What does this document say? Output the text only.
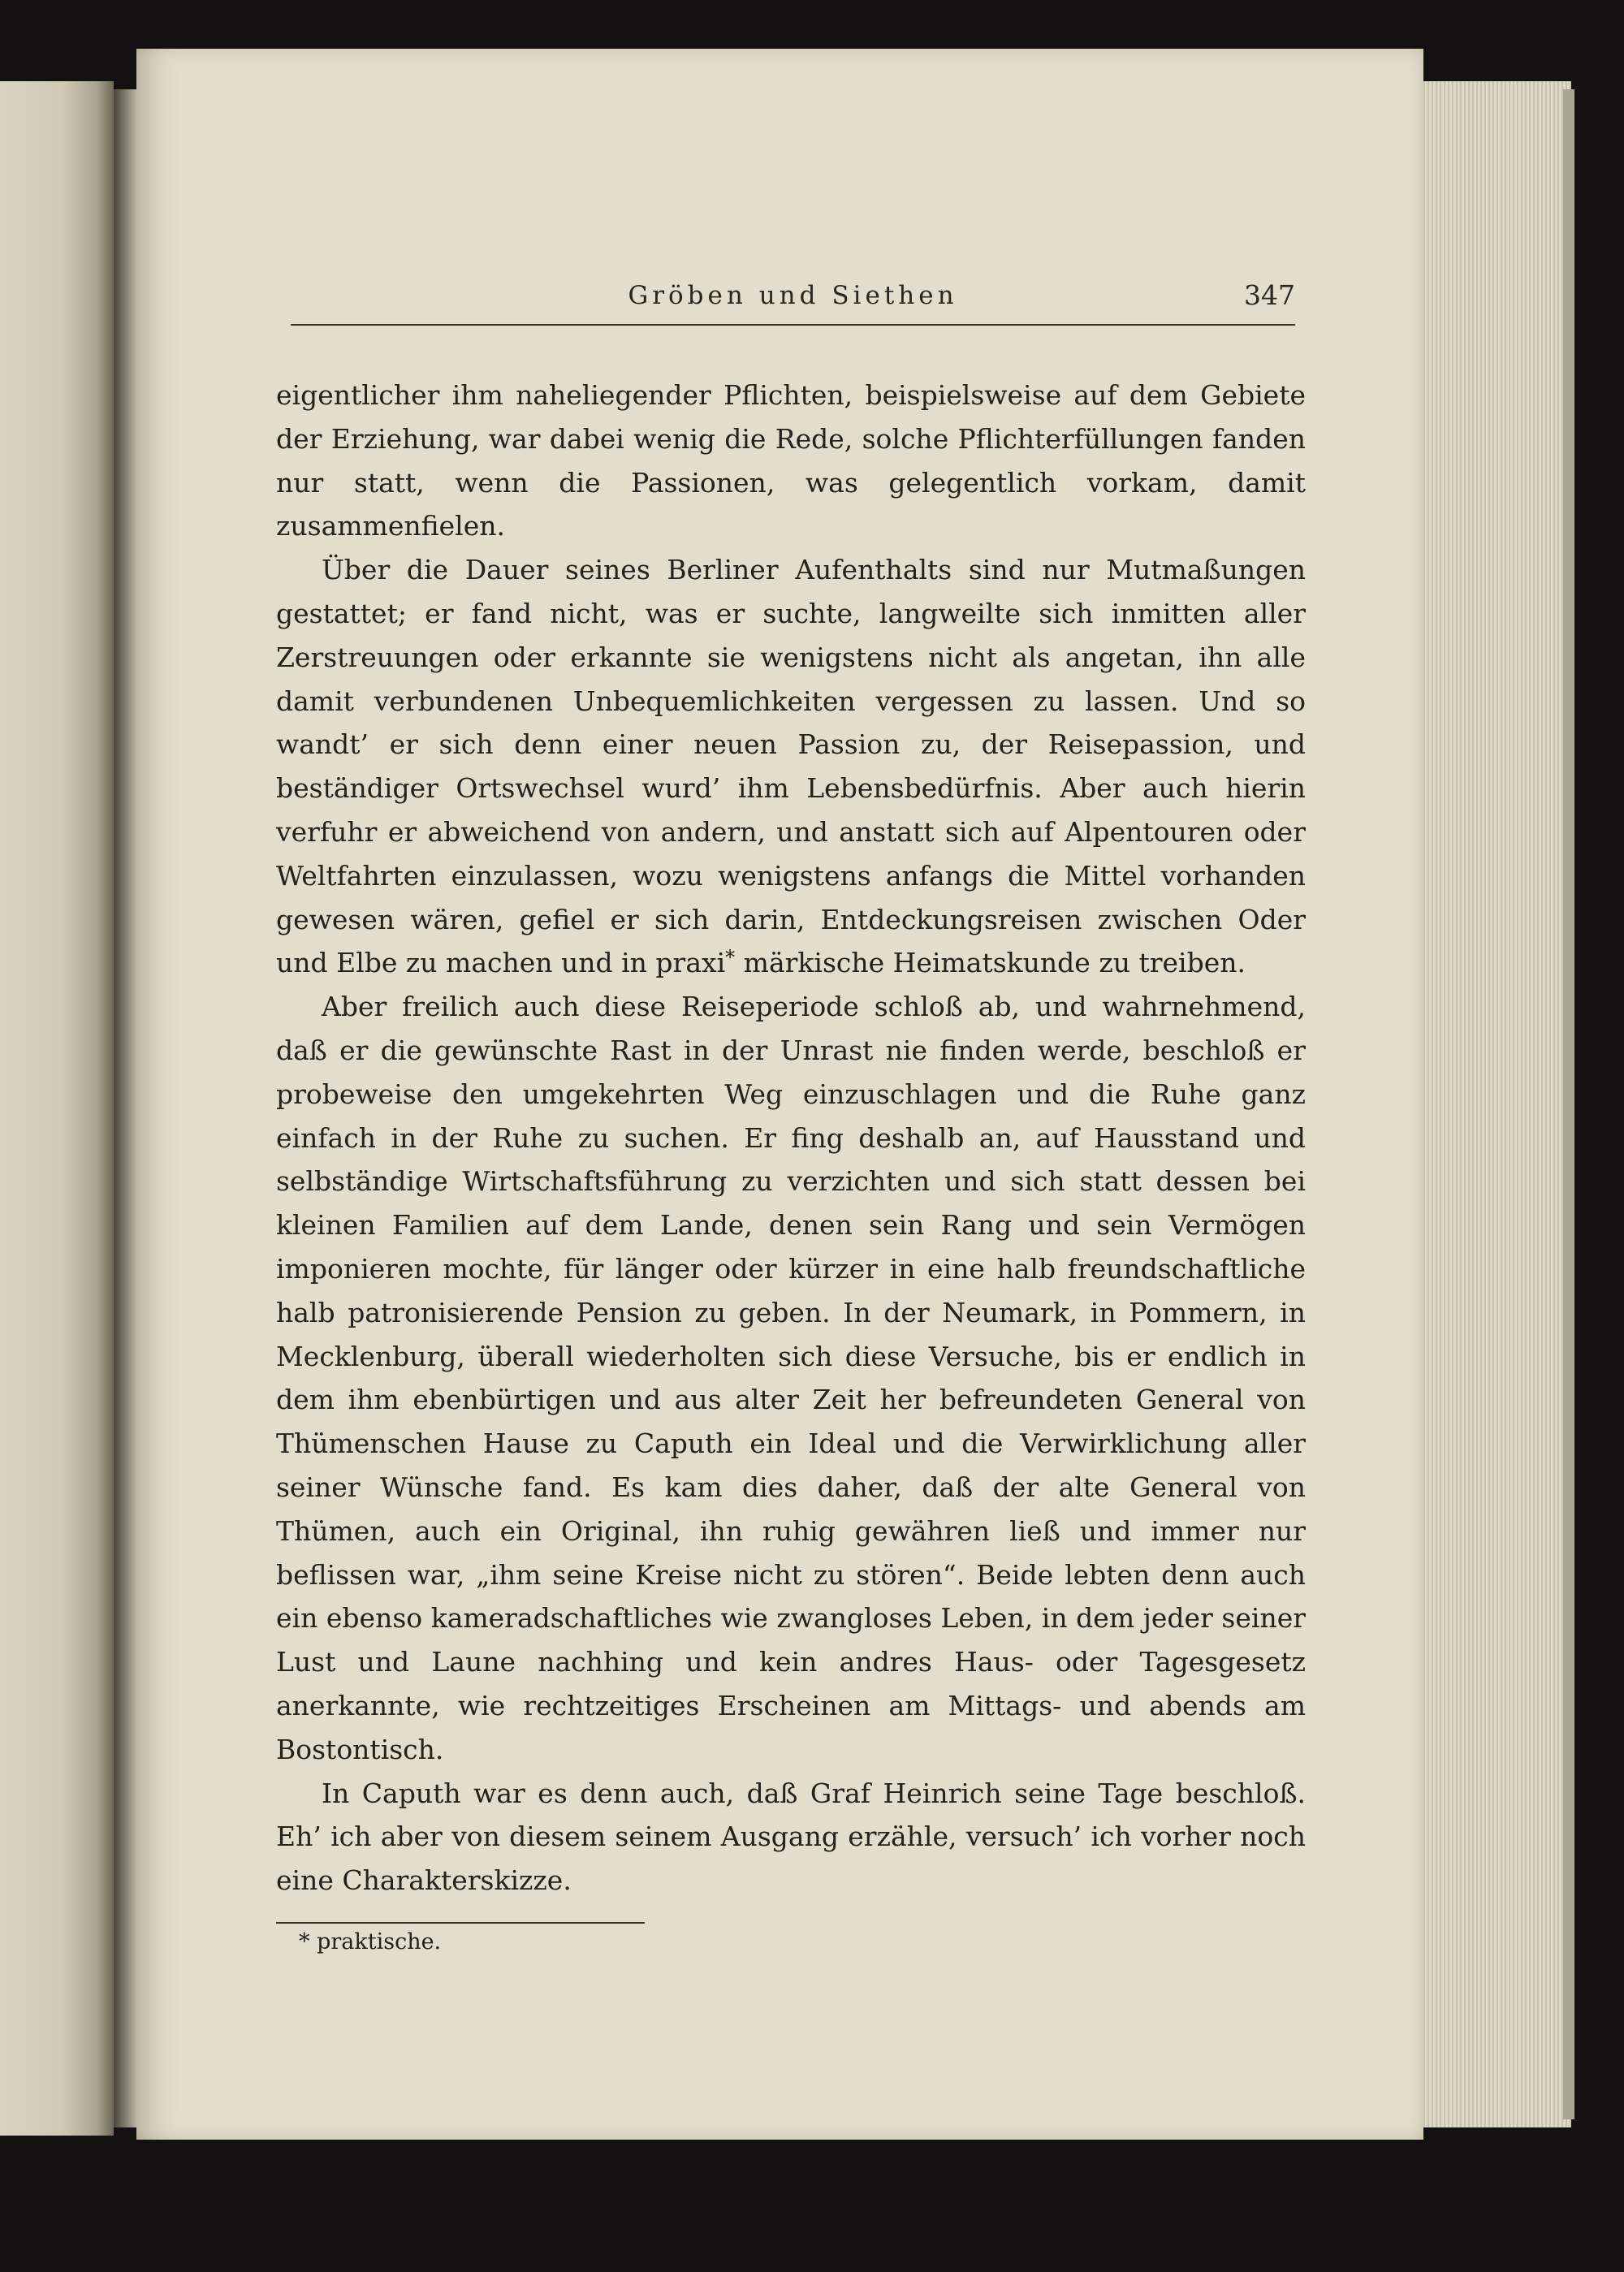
Gröben und Siethen	347

eigentlicher ihm naheliegender Pflichten, beispielsweise auf dem Gebiete der Erziehung, war dabei wenig die Rede, solche Pflichterfüllungen fanden nur statt, wenn die Passionen, was gelegentlich vorkam, damit zusammenfielen.

Über die Dauer seines Berliner Aufenthalts sind nur Mutmaßungen gestattet; er fand nicht, was er suchte, langweilte sich inmitten aller Zerstreuungen oder erkannte sie wenigstens nicht als angetan, ihn alle damit verbundenen Unbequemlichkeiten vergessen zu lassen. Und so wandt’ er sich denn einer neuen Passion zu, der Reisepassion, und beständiger Ortswechsel wurd’ ihm Lebensbedürfnis. Aber auch hierin verfuhr er abweichend von andern, und anstatt sich auf Alpentouren oder Weltfahrten einzulassen, wozu wenigstens anfangs die Mittel vorhanden gewesen wären, gefiel er sich darin, Entdeckungsreisen zwischen Oder und Elbe zu machen und in praxi* märkische Heimatskunde zu treiben.

Aber freilich auch diese Reiseperiode schloß ab, und wahrnehmend, daß er die gewünschte Rast in der Unrast nie finden werde, beschloß er probeweise den umgekehrten Weg einzuschlagen und die Ruhe ganz einfach in der Ruhe zu suchen. Er fing deshalb an, auf Hausstand und selbständige Wirtschaftsführung zu verzichten und sich statt dessen bei kleinen Familien auf dem Lande, denen sein Rang und sein Vermögen imponieren mochte, für länger oder kürzer in eine halb freundschaftliche halb patronisierende Pension zu geben. In der Neumark, in Pommern, in Mecklenburg, überall wiederholten sich diese Versuche, bis er endlich in dem ihm ebenbürtigen und aus alter Zeit her befreundeten General von Thümenschen Hause zu Caputh ein Ideal und die Verwirklichung aller seiner Wünsche fand. Es kam dies daher, daß der alte General von Thümen, auch ein Original, ihn ruhig gewähren ließ und immer nur beflissen war, „ihm seine Kreise nicht zu stören“. Beide lebten denn auch ein ebenso kameradschaftliches wie zwangloses Leben, in dem jeder seiner Lust und Laune nachhing und kein andres Haus- oder Tagesgesetz anerkannte, wie rechtzeitiges Erscheinen am Mittags- und abends am Bostontisch.

In Caputh war es denn auch, daß Graf Heinrich seine Tage beschloß. Eh’ ich aber von diesem seinem Ausgang erzähle, versuch’ ich vorher noch eine Charakterskizze.

* praktische.
